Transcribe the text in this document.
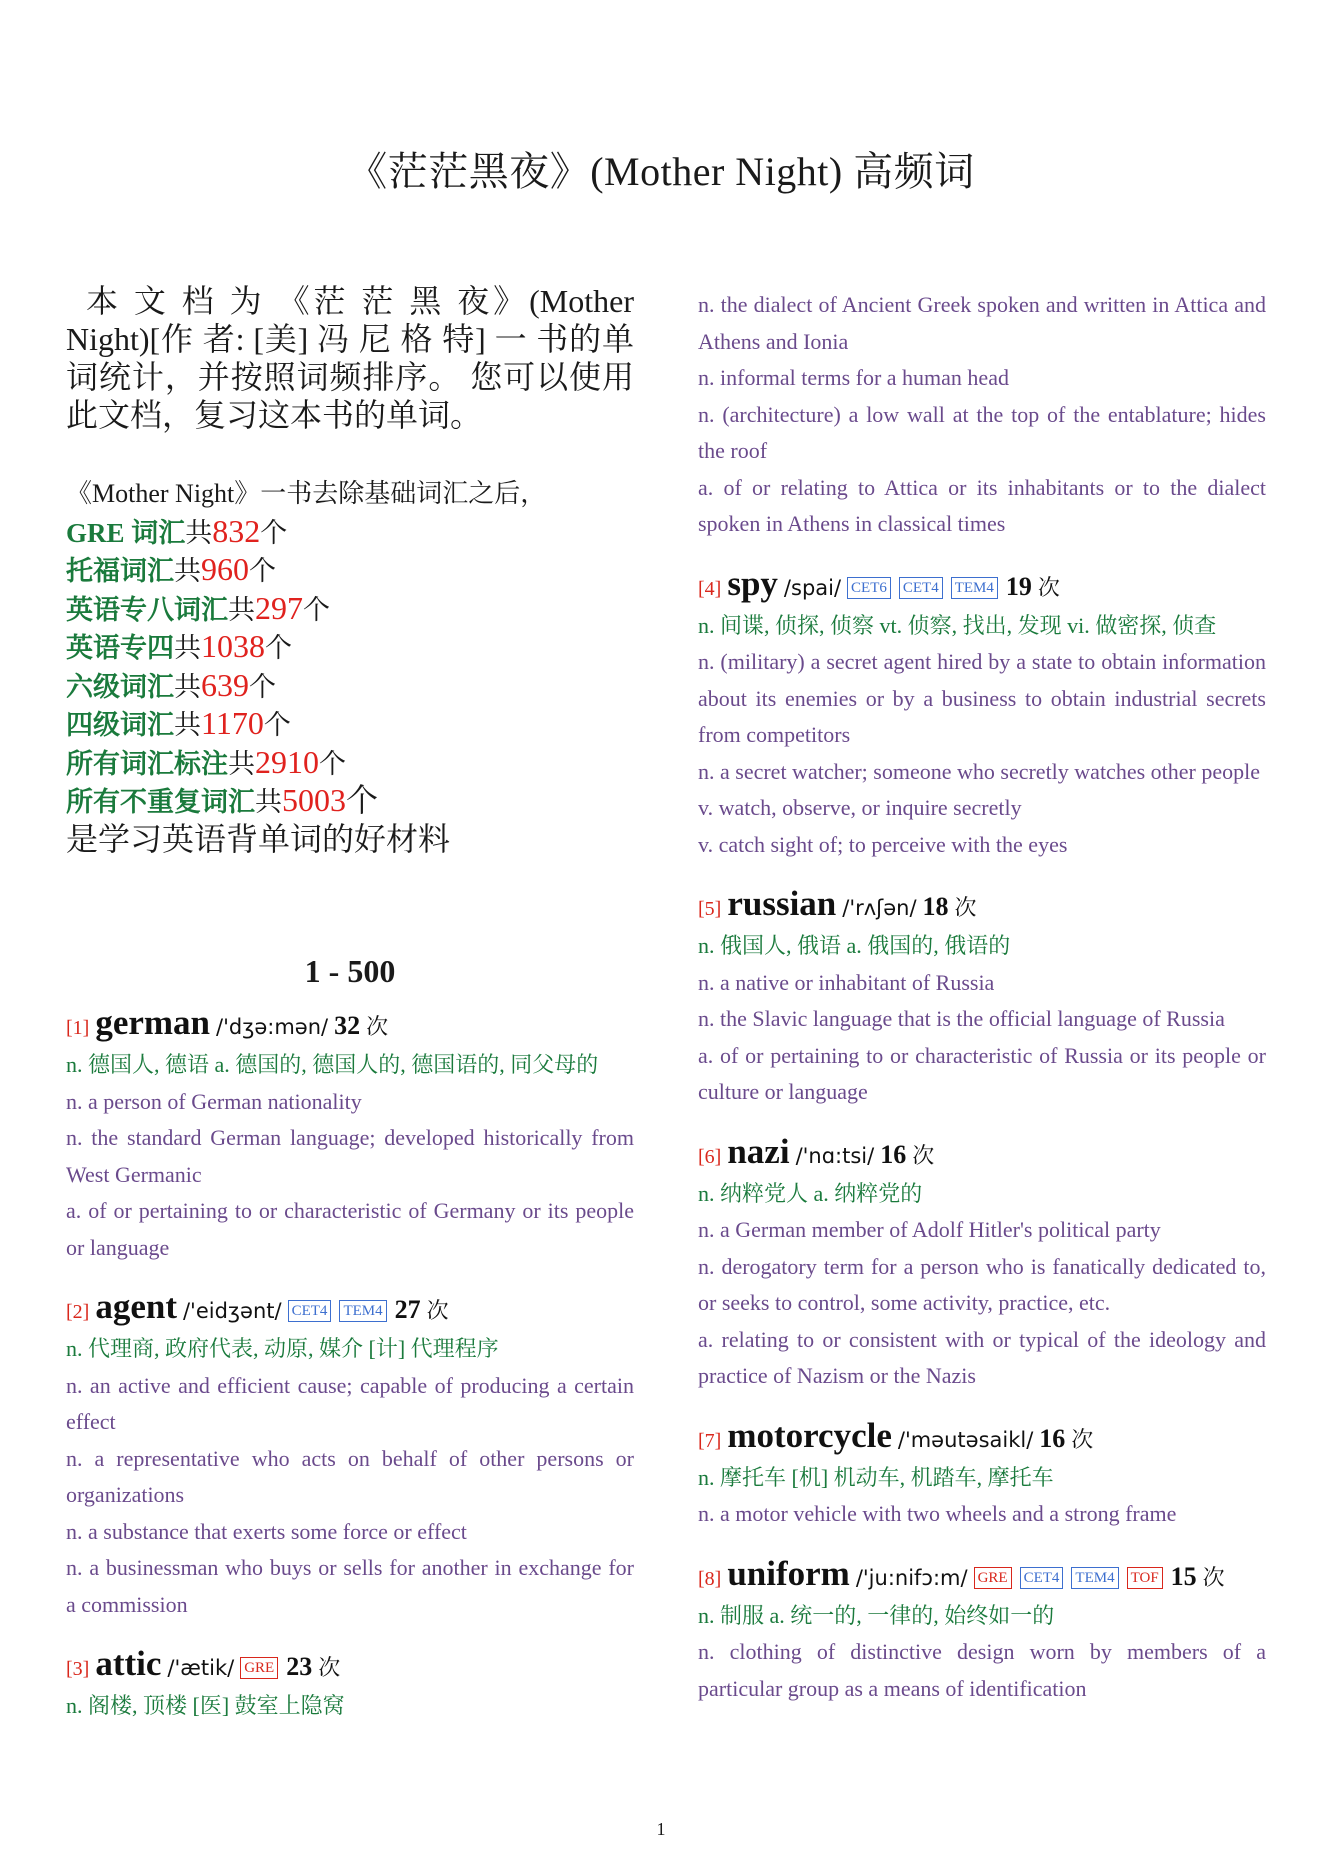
《茫茫黑夜》(Mother Night) 高频词

本 文 档 为 《茫 茫 黑 夜》(Mother Night)[作 者: [美] 冯 尼 格 特] 一 书的单词统计，并按照词频排序。 您可以使用此文档，复习这本书的单词。

《Mother Night》一书去除基础词汇之后，
GRE 词汇共832个
托福词汇共960个
英语专八词汇共297个
英语专四共1038个
六级词汇共639个
四级词汇共1170个
所有词汇标注共2910个
所有不重复词汇共5003个
是学习英语背单词的好材料
1 - 500
[1] german /'dʒə:mən/ 32 次

n. 德国人, 德语 a. 德国的, 德国人的, 德国语的, 同父母的

n. a person of German nationality

n. the standard German language; developed historically from West Germanic

a. of or pertaining to or characteristic of Germany or its people or language

[2] agent /'eidʒənt/ CET4 TEM4 27 次

n. 代理商, 政府代表, 动原, 媒介 [计] 代理程序

n. an active and efficient cause; capable of producing a certain effect

n. a representative who acts on behalf of other persons or organizations

n. a substance that exerts some force or effect

n. a businessman who buys or sells for another in exchange for a commission

[3] attic /'ætik/ GRE 23 次

n. 阁楼, 顶楼 [医] 鼓室上隐窝

n. the dialect of Ancient Greek spoken and written in Attica and Athens and Ionia

n. informal terms for a human head

n. (architecture) a low wall at the top of the entablature; hides the roof

a. of or relating to Attica or its inhabitants or to the dialect spoken in Athens in classical times

[4] spy /spai/ CET6 CET4 TEM4 19 次

n. 间谍, 侦探, 侦察 vt. 侦察, 找出, 发现 vi. 做密探, 侦查

n. (military) a secret agent hired by a state to obtain information about its enemies or by a business to obtain industrial secrets from competitors

n. a secret watcher; someone who secretly watches other people

v. watch, observe, or inquire secretly

v. catch sight of; to perceive with the eyes

[5] russian /'rʌʃən/ 18 次

n. 俄国人, 俄语 a. 俄国的, 俄语的

n. a native or inhabitant of Russia

n. the Slavic language that is the official language of Russia

a. of or pertaining to or characteristic of Russia or its people or culture or language

[6] nazi /'nɑ:tsi/ 16 次

n. 纳粹党人 a. 纳粹党的

n. a German member of Adolf Hitler's political party

n. derogatory term for a person who is fanatically dedicated to, or seeks to control, some activity, practice, etc.

a. relating to or consistent with or typical of the ideology and practice of Nazism or the Nazis

[7] motorcycle /'məutəsaikl/ 16 次

n. 摩托车 [机] 机动车, 机踏车, 摩托车

n. a motor vehicle with two wheels and a strong frame

[8] uniform /'ju:nifɔ:m/ GRE CET4 TEM4 TOF 15 次

n. 制服 a. 统一的, 一律的, 始终如一的

n. clothing of distinctive design worn by members of a particular group as a means of identification

1
